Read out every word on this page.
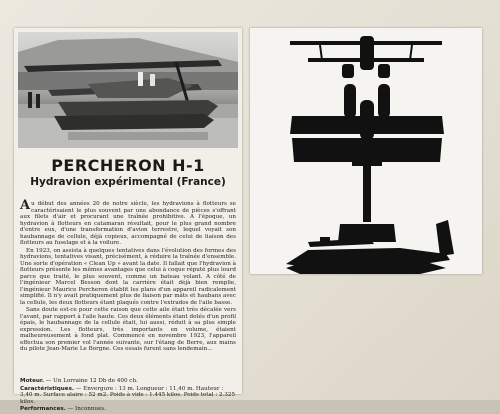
PERCHERON H-1
Hydravion expérimental (France)

Au début des années 20 de notre siècle, les hydravions à flotteurs se caractérisaient le plus souvent par une abondance de pièces s'offrant aux filets d'air et procurant une traînée prohibitive. A l'époque, un hydravion à flotteurs en catamaran résultait, pour le plus grand nombre d'entre eux, d'une transformation d'avion terrestre, lequel voyait son haubannage de cellule, déjà copieux, accompagné de celui de liaison des flotteurs au fuselage et à la voilure.

En 1923, on assista à quelques tentatives dans l'évolution des formes des hydravions, tentatives visant, précisément, à réduire la traînée d'ensemble. Une sorte d'opération « Clean Up » avant la date. Il fallait que l'hydravion à flotteurs présente les mêmes avantages que celui à coque réputé plus lourd parce que traité, le plus souvent, comme un bateau volant. A côté de l'ingénieur Marcel Besson dont la carrière était déjà bien remplie, l'ingénieur Maurice Percheron établit les plans d'un appareil radicalement simplifié. Il n'y avait pratiquement plus de liaison par mâts et haubans avec la cellule, les deux flotteurs étant plaqués contre l'extrados de l'aile basse.

Sans doute est-ce pour cette raison que cette aile était très décalée vers l'avant, par rapport à l'aile haute. Ces deux éléments étant dotés d'un profil épais, le haubannage de la cellule était, lui aussi, réduit à sa plus simple expression. Les flotteurs, très importants en volume, étaient malheureusement à fond plat. Commencé en novembre 1923, l'appareil effectua son premier vol l'année suivante, sur l'étang de Berre, aux mains du pilote Jean-Marie Le Borgne. Ces essais furent sans lendemain...

Moteur. — Un Lorraine 12 Db de 400 ch.
Caractéristiques. — Envergure : 13 m. Longueur : 11,40 m. Hauteur : 3,40 m. Surface alaire : 52 m2. Poids à vide : 1.445 kilos. Poids total : 2.325 kilos.
Performances. — Inconnues.
